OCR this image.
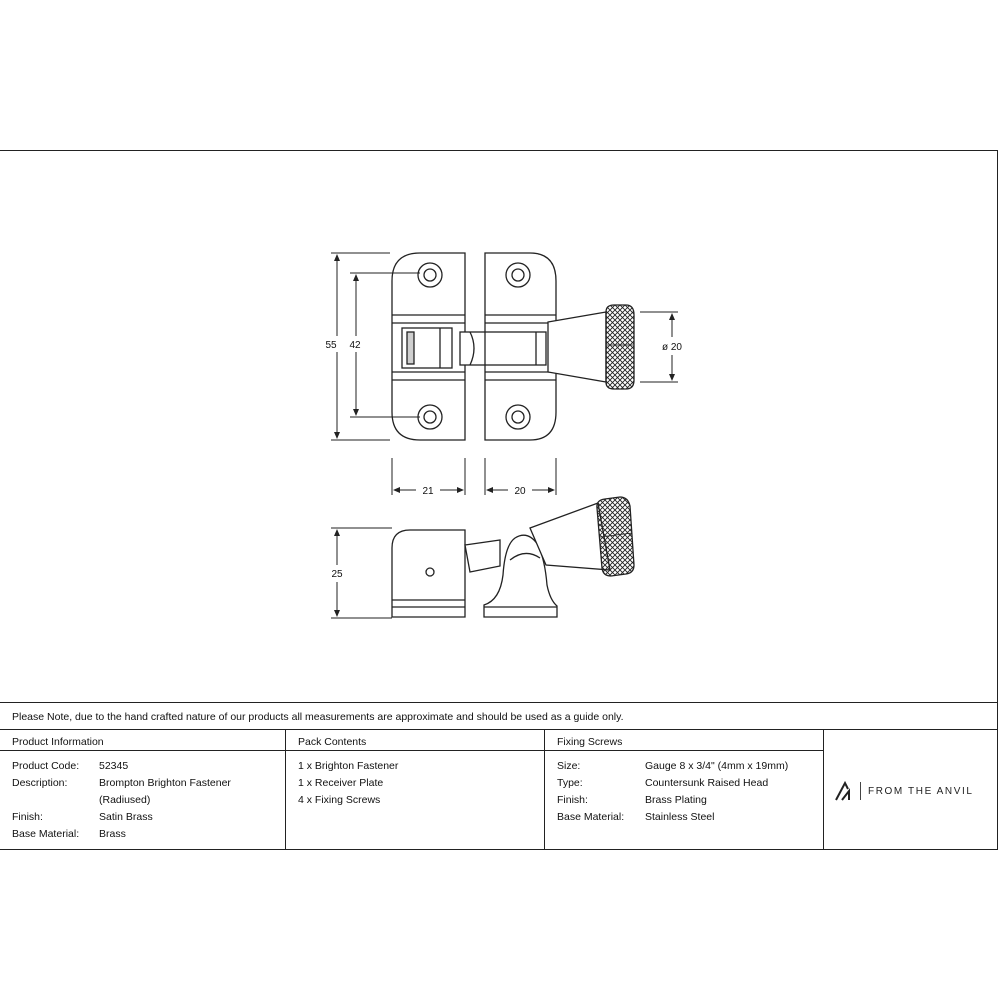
55 42	ø 20
21	20
25
Please Note, due to the hand crafted nature of our products all measurements are approximate and should be used as a guide only.
Product Information
Product Code: 52345
Description:	Brompton Brighton Fastener
(Radiused)
Finish:	Satin Brass
Base Material: Brass
Pack Contents
1 x Brighton Fastener
1 x Receiver Plate
4 x Fixing Screws
Fixing Screws
Size:	Gauge 8 x 3/4" (4mm x 19mm)
Type:	Countersunk Raised Head
Finish:	Brass Plating
Base Material: Stainless Steel
FROM THE ANVIL
